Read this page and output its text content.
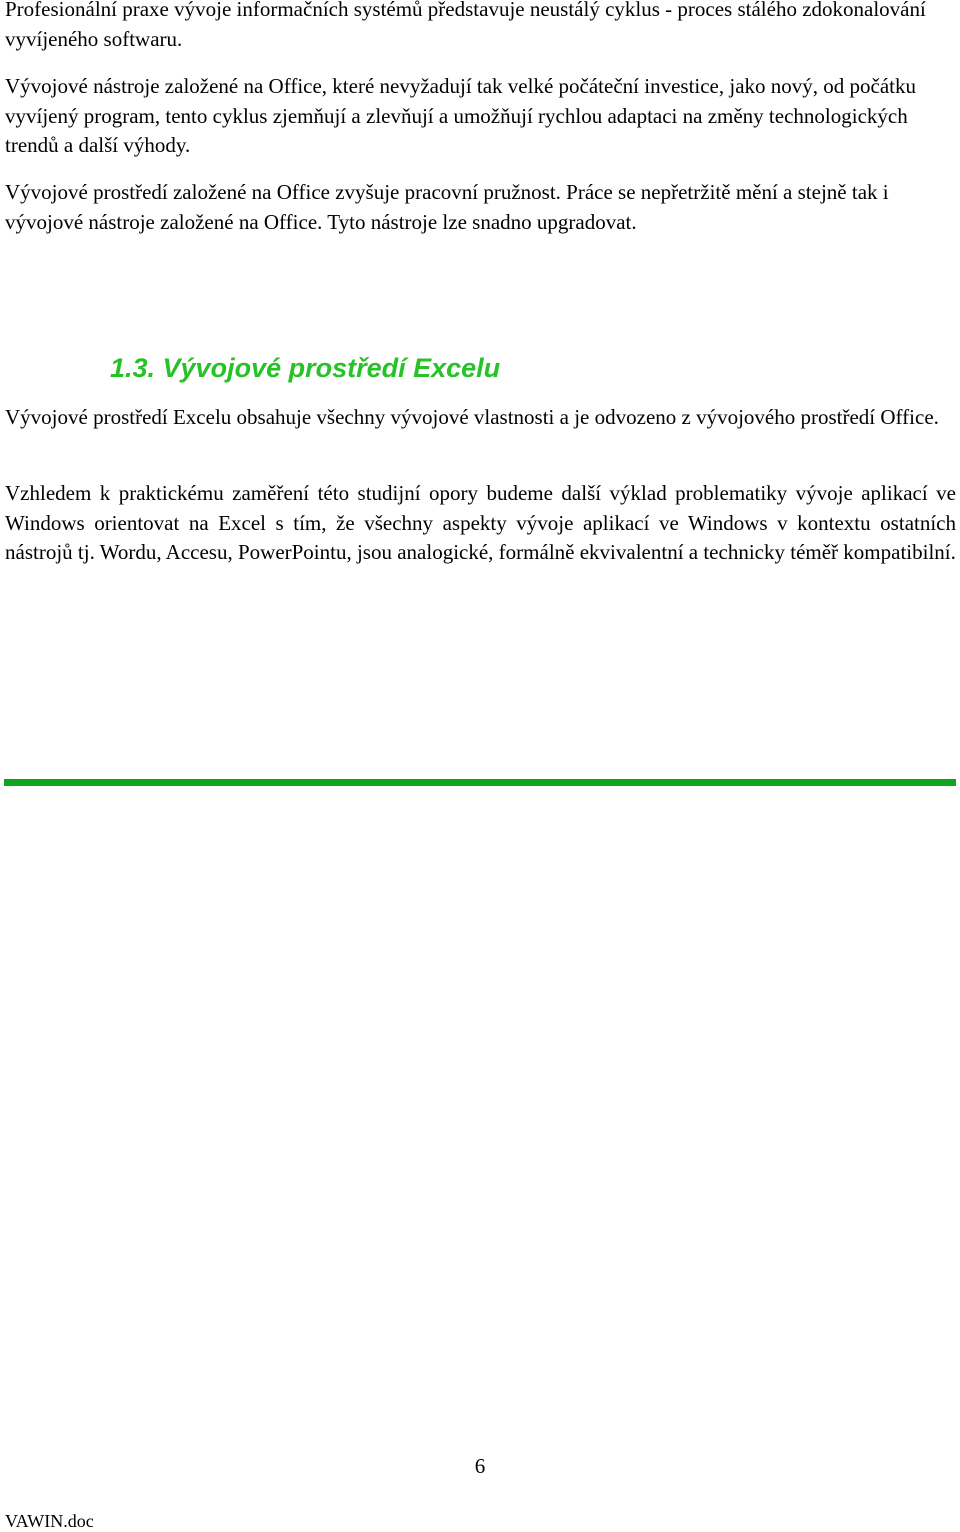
Profesionální praxe vývoje informačních systémů představuje neustálý cyklus - proces stálého zdokonalování vyvíjeného softwaru.

Vývojové nástroje založené na Office, které nevyžadují tak velké počáteční investice, jako nový, od počátku vyvíjený program, tento cyklus zjemňují a zlevňují a umožňují rychlou adaptaci na změny technologických trendů a další výhody.

Vývojové prostředí založené na Office zvyšuje pracovní pružnost. Práce se nepřetržitě mění a stejně tak i vývojové nástroje založené na Office. Tyto nástroje lze snadno upgradovat.

1.3. Vývojové prostředí Excelu

Vývojové prostředí Excelu obsahuje všechny vývojové vlastnosti a je odvozeno z vývojového prostředí Office.

Vzhledem k praktickému zaměření této studijní opory budeme další výklad problematiky vývoje aplikací ve Windows orientovat na Excel s tím, že všechny aspekty vývoje aplikací ve Windows v kontextu ostatních nástrojů tj. Wordu, Accesu, PowerPointu, jsou analogické, formálně ekvivalentní a technicky téměř kompatibilní.

6
VAWIN.doc
